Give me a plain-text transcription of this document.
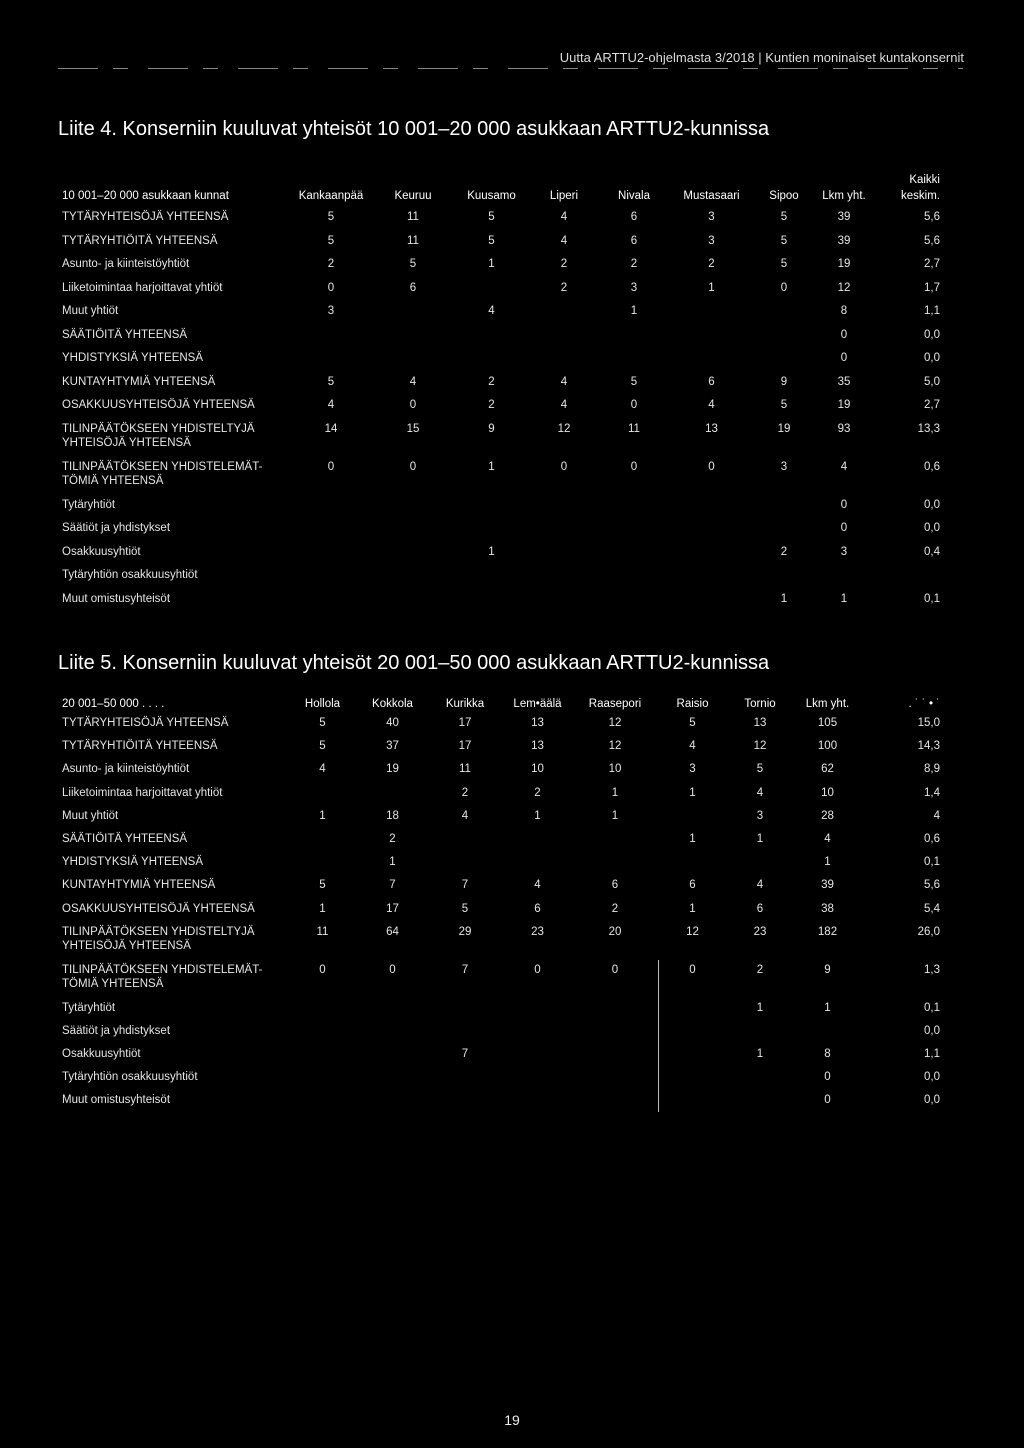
Uutta ARTTU2-ohjelmasta 3/2018 | Kuntien moninaiset kuntakonsernit
Liite 4. Konserniin kuuluvat yhteisöt 10 001–20 000 asukkaan ARTTU2-kunnissa
10 001–20 000 asukkaan kunnat	Kankaanpää	Keuruu	Kuusamo	Liperi	Nivala	Mustasaari	Sipoo	Lkm yht.	Kaikki keskim.
TYTÄRYHTEISÖJÄ YHTEENSÄ	5	11	5	4	6	3	5	39	5,6
TYTÄRYHTIÖITÄ YHTEENSÄ	5	11	5	4	6	3	5	39	5,6
Asunto- ja kiinteistöyhtiöt	2	5	1	2	2	2	5	19	2,7
Liiketoimintaa harjoittavat yhtiöt	0	6		2	3	1	0	12	1,7
Muut yhtiöt	3		4		1			8	1,1
SÄÄTIÖITÄ YHTEENSÄ								0	0,0
YHDISTYKSIÄ YHTEENSÄ								0	0,0
KUNTAYHTYMIÄ YHTEENSÄ	5	4	2	4	5	6	9	35	5,0
OSAKKUUSYHTEISÖJÄ YHTEENSÄ	4	0	2	4	0	4	5	19	2,7
TILINPÄÄTÖKSEEN YHDISTELTYJÄ YHTEISÖJÄ YHTEENSÄ	14	15	9	12	11	13	19	93	13,3
TILINPÄÄTÖKSEEN YHDISTELEMÄT-TÖMIÄ YHTEENSÄ	0	0	1	0	0	0	3	4	0,6
Tytäryhtiöt								0	0,0
Säätiöt ja yhdistykset								0	0,0
Osakkuusyhtiöt			1				2	3	0,4
Tytäryhtiön osakkuusyhtiöt									
Muut omistusyhteisöt							1	1	0,1
Liite 5. Konserniin kuuluvat yhteisöt 20 001–50 000 asukkaan ARTTU2-kunnissa
20 001–50 000 . . . .	Hollola	Kokkola	Kurikka	Lem•äälä	Raasepori	Raisio	Tornio	Lkm yht.	. ˙ ˙ • ˙
TYTÄRYHTEISÖJÄ YHTEENSÄ	5	40	17	13	12	5	13	105	15,0
TYTÄRYHTIÖITÄ YHTEENSÄ	5	37	17	13	12	4	12	100	14,3
Asunto- ja kiinteistöyhtiöt	4	19	11	10	10	3	5	62	8,9
Liiketoimintaa harjoittavat yhtiöt			2	2	1	1	4	10	1,4
Muut yhtiöt	1	18	4	1	1		3	28	4
SÄÄTIÖITÄ YHTEENSÄ		2				1	1	4	0,6
YHDISTYKSIÄ YHTEENSÄ		1						1	0,1
KUNTAYHTYMIÄ YHTEENSÄ	5	7	7	4	6	6	4	39	5,6
OSAKKUUSYHTEISÖJÄ YHTEENSÄ	1	17	5	6	2	1	6	38	5,4
TILINPÄÄTÖKSEEN YHDISTELTYJÄ YHTEISÖJÄ YHTEENSÄ	11	64	29	23	20	12	23	182	26,0
TILINPÄÄTÖKSEEN YHDISTELEMÄT-TÖMIÄ YHTEENSÄ	0	0	7	0	0	0	2	9	1,3
Tytäryhtiöt							1	1	0,1
Säätiöt ja yhdistykset									0,0
Osakkuusyhtiöt			7				1	8	1,1
Tytäryhtiön osakkuusyhtiöt								0	0,0
Muut omistusyhteisöt								0	0,0
19
